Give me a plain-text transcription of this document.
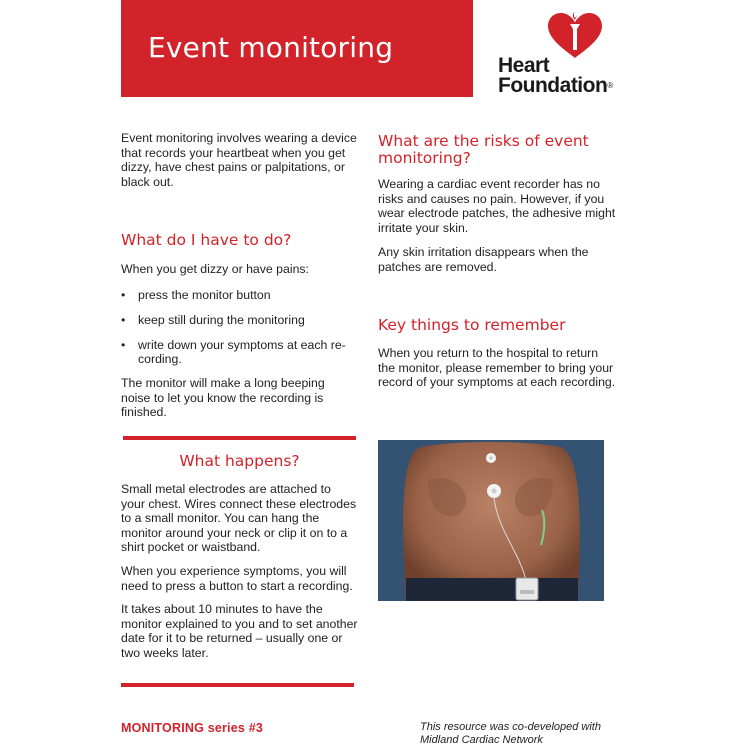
Event monitoring
Heart
Foundation®

Event monitoring involves wearing a device that records your heartbeat when you get dizzy, have chest pains or palpitations, or black out.

What do I have to do?

When you get dizzy or have pains:

• press the monitor button
• keep still during the monitoring
• write down your symptoms at each re-cording.

The monitor will make a long beeping noise to let you know the recording is finished.

What happens?

Small metal electrodes are attached to your chest. Wires connect these electrodes to a small monitor. You can hang the monitor around your neck or clip it on to a shirt pocket or waistband.

When you experience symptoms, you will need to press a button to start a recording.

It takes about 10 minutes to have the monitor explained to you and to set another date for it to be returned – usually one or two weeks later.

What are the risks of event monitoring?

Wearing a cardiac event recorder has no risks and causes no pain. However, if you wear electrode patches, the adhesive might irritate your skin.

Any skin irritation disappears when the patches are removed.

Key things to remember

When you return to the hospital to return the monitor, please remember to bring your record of your symptoms at each recording.

MONITORING series #3	This resource was co-developed with
Midland Cardiac Network
